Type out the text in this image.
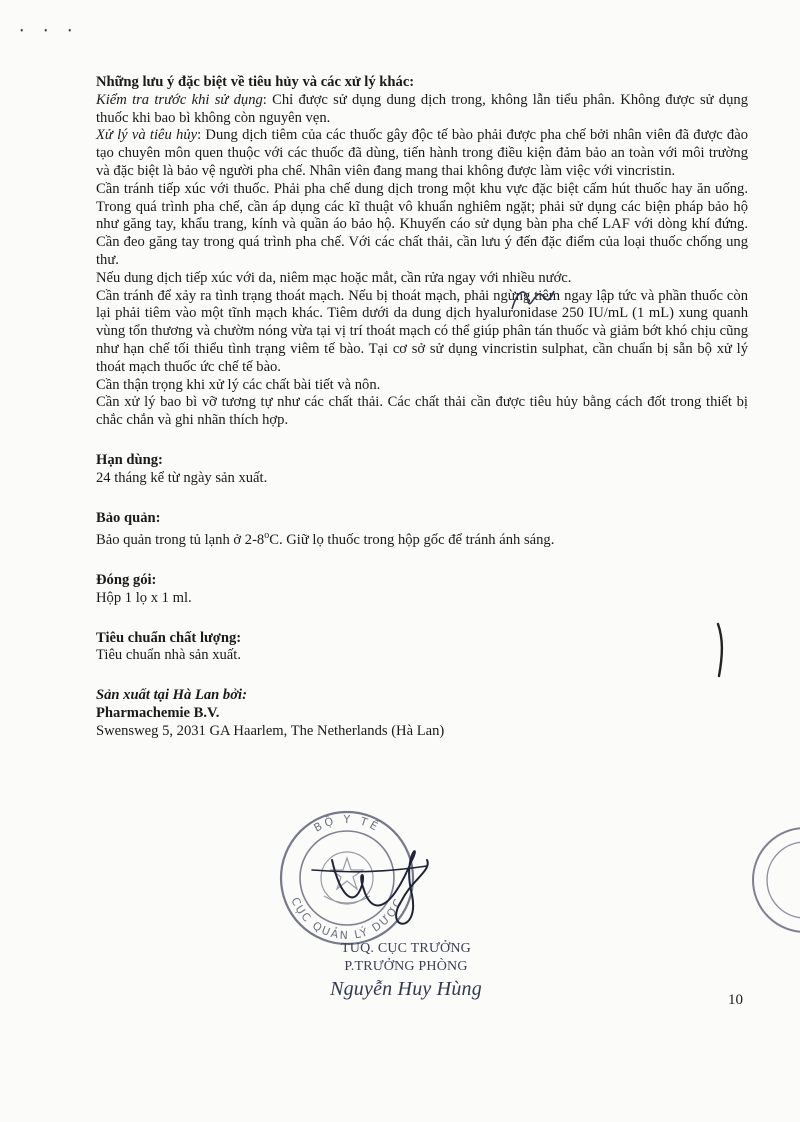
• • •

Những lưu ý đặc biệt về tiêu hủy và các xử lý khác:

Kiểm tra trước khi sử dụng: Chỉ được sử dụng dung dịch trong, không lẫn tiểu phân. Không được sử dụng thuốc khi bao bì không còn nguyên vẹn.

Xử lý và tiêu hủy: Dung dịch tiêm của các thuốc gây độc tế bào phải được pha chế bởi nhân viên đã được đào tạo chuyên môn quen thuộc với các thuốc đã dùng, tiến hành trong điều kiện đảm bảo an toàn với môi trường và đặc biệt là bảo vệ người pha chế. Nhân viên đang mang thai không được làm việc với vincristin.

Cần tránh tiếp xúc với thuốc. Phải pha chế dung dịch trong một khu vực đặc biệt cấm hút thuốc hay ăn uống. Trong quá trình pha chế, cần áp dụng các kĩ thuật vô khuẩn nghiêm ngặt; phải sử dụng các biện pháp bảo hộ như găng tay, khẩu trang, kính và quần áo bảo hộ. Khuyến cáo sử dụng bàn pha chế LAF với dòng khí đứng. Cần đeo găng tay trong quá trình pha chế. Với các chất thải, cần lưu ý đến đặc điểm của loại thuốc chống ung thư.

Nếu dung dịch tiếp xúc với da, niêm mạc hoặc mắt, cần rửa ngay với nhiều nước.

Cần tránh để xảy ra tình trạng thoát mạch. Nếu bị thoát mạch, phải ngừng tiêm ngay lập tức và phần thuốc còn lại phải tiêm vào một tĩnh mạch khác. Tiêm dưới da dung dịch hyaluronidase 250 IU/mL (1 mL) xung quanh vùng tổn thương và chườm nóng vừa tại vị trí thoát mạch có thể giúp phân tán thuốc và giảm bớt khó chịu cũng như hạn chế tối thiểu tình trạng viêm tế bào. Tại cơ sở sử dụng vincristin sulphat, cần chuẩn bị sẵn bộ xử lý thoát mạch thuốc ức chế tế bào.

Cần thận trọng khi xử lý các chất bài tiết và nôn.

Cần xử lý bao bì vỡ tương tự như các chất thải. Các chất thải cần được tiêu hủy bằng cách đốt trong thiết bị chắc chắn và ghi nhãn thích hợp.

Hạn dùng:

24 tháng kể từ ngày sản xuất.

Bảo quản:

Bảo quản trong tủ lạnh ở 2-8$^o$C. Giữ lọ thuốc trong hộp gốc để tránh ánh sáng.

Đóng gói:

Hộp 1 lọ x 1 ml.

Tiêu chuẩn chất lượng:

Tiêu chuẩn nhà sản xuất.

Sản xuất tại Hà Lan bởi:

Pharmachemie B.V.

Swensweg 5, 2031 GA Haarlem, The Netherlands (Hà Lan)

BỘ Y TẾ
CỤC QUẢN LÝ DƯỢC
TUQ. CỤC TRƯỞNG
P.TRƯỞNG PHÒNG
Nguyễn Huy Hùng	10
